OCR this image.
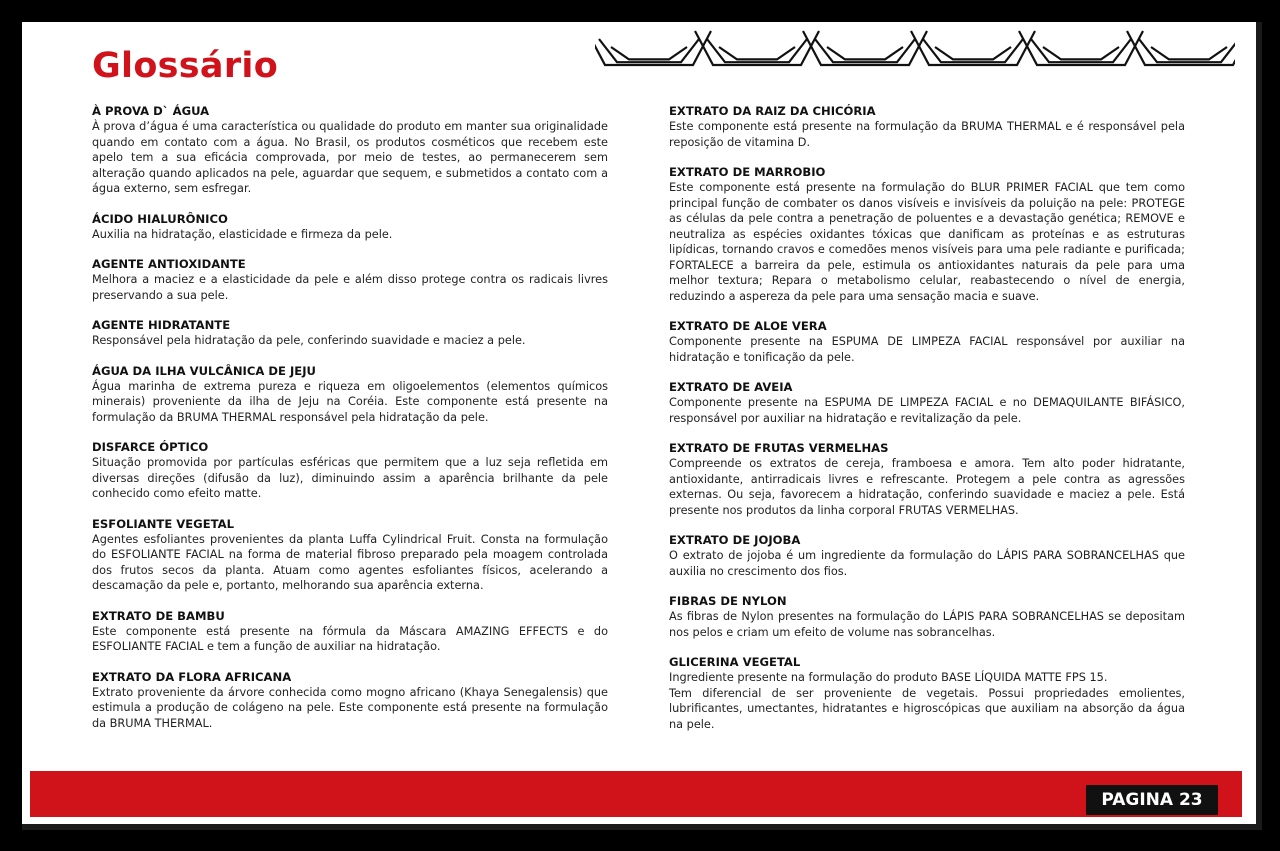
Glossário
À PROVA D` ÁGUA
À prova d’água é uma característica ou qualidade do produto em manter sua originalidade quando em contato com a água. No Brasil, os produtos cosméticos que recebem este apelo tem a sua eficácia comprovada, por meio de testes, ao permanecerem sem alteração quando aplicados na pele, aguardar que sequem, e submetidos a contato com a água externo, sem esfregar.
ÁCIDO HIALURÔNICO
Auxilia na hidratação, elasticidade e firmeza da pele.
AGENTE ANTIOXIDANTE
Melhora a maciez e a elasticidade da pele e além disso protege contra os radicais livres preservando a sua pele.
AGENTE HIDRATANTE
Responsável pela hidratação da pele, conferindo suavidade e maciez a pele.
ÁGUA DA ILHA VULCÂNICA DE JEJU
Água marinha de extrema pureza e riqueza em oligoelementos (elementos químicos minerais) proveniente da ilha de Jeju na Coréia. Este componente está presente na formulação da BRUMA THERMAL responsável pela hidratação da pele.
DISFARCE ÓPTICO
Situação promovida por partículas esféricas que permitem que a luz seja refletida em diversas direções (difusão da luz), diminuindo assim a aparência brilhante da pele conhecido como efeito matte.
ESFOLIANTE VEGETAL
Agentes esfoliantes provenientes da planta Luffa Cylindrical Fruit. Consta na formulação do ESFOLIANTE FACIAL na forma de material fibroso preparado pela moagem controlada dos frutos secos da planta. Atuam como agentes esfoliantes físicos, acelerando a descamação da pele e, portanto, melhorando sua aparência externa.
EXTRATO DE BAMBU
Este componente está presente na fórmula da Máscara AMAZING EFFECTS e do ESFOLIANTE FACIAL e tem a função de auxiliar na hidratação.
EXTRATO DA FLORA AFRICANA
Extrato proveniente da árvore conhecida como mogno africano (Khaya Senegalensis) que estimula a produção de colágeno na pele. Este componente está presente na formulação da BRUMA THERMAL.
EXTRATO DA RAIZ DA CHICÓRIA
Este componente está presente na formulação da BRUMA THERMAL e é responsável pela reposição de vitamina D.
EXTRATO DE MARROBIO
Este componente está presente na formulação do BLUR PRIMER FACIAL que tem como principal função de combater os danos visíveis e invisíveis da poluição na pele: PROTEGE as células da pele contra a penetração de poluentes e a devastação genética; REMOVE e neutraliza as espécies oxidantes tóxicas que danificam as proteínas e as estruturas lipídicas, tornando cravos e comedões menos visíveis para uma pele radiante e purificada; FORTALECE a barreira da pele, estimula os antioxidantes naturais da pele para uma melhor textura; Repara o metabolismo celular, reabastecendo o nível de energia, reduzindo a aspereza da pele para uma sensação macia e suave.
EXTRATO DE ALOE VERA
Componente presente na ESPUMA DE LIMPEZA FACIAL responsável por auxiliar na hidratação e tonificação da pele.
EXTRATO DE AVEIA
Componente presente na ESPUMA DE LIMPEZA FACIAL e no DEMAQUILANTE BIFÁSICO, responsável por auxiliar na hidratação e revitalização da pele.
EXTRATO DE FRUTAS VERMELHAS
Compreende os extratos de cereja, framboesa e amora. Tem alto poder hidratante, antioxidante, antirradicais livres e refrescante. Protegem a pele contra as agressões externas. Ou seja, favorecem a hidratação, conferindo suavidade e maciez a pele. Está presente nos produtos da linha corporal FRUTAS VERMELHAS.
EXTRATO DE JOJOBA
O extrato de jojoba é um ingrediente da formulação do LÁPIS PARA SOBRANCELHAS que auxilia no crescimento dos fios.
FIBRAS DE NYLON
As fibras de Nylon presentes na formulação do LÁPIS PARA SOBRANCELHAS se depositam nos pelos e criam um efeito de volume nas sobrancelhas.
GLICERINA VEGETAL
Ingrediente presente na formulação do produto BASE LÍQUIDA MATTE FPS 15.
Tem diferencial de ser proveniente de vegetais. Possui propriedades emolientes, lubrificantes, umectantes, hidratantes e higroscópicas que auxiliam na absorção da água na pele.
PAGINA 23
